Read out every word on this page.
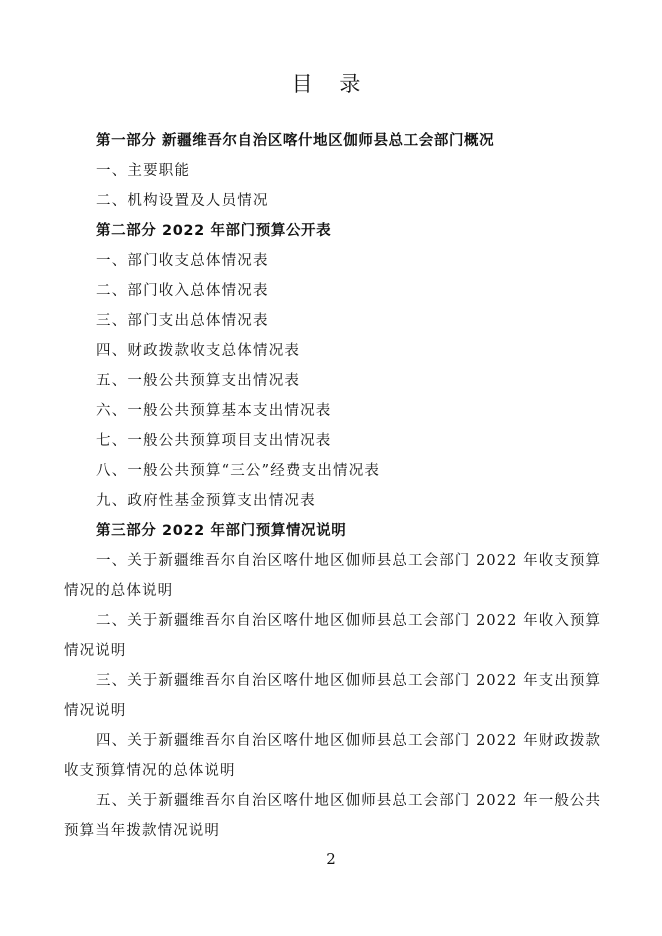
目 录
第一部分 新疆维吾尔自治区喀什地区伽师县总工会部门概况
一、主要职能
二、机构设置及人员情况
第二部分 2022 年部门预算公开表
一、部门收支总体情况表
二、部门收入总体情况表
三、部门支出总体情况表
四、财政拨款收支总体情况表
五、一般公共预算支出情况表
六、一般公共预算基本支出情况表
七、一般公共预算项目支出情况表
八、一般公共预算“三公”经费支出情况表
九、政府性基金预算支出情况表
第三部分 2022 年部门预算情况说明
一、关于新疆维吾尔自治区喀什地区伽师县总工会部门 2022 年收支预算情况的总体说明
二、关于新疆维吾尔自治区喀什地区伽师县总工会部门 2022 年收入预算情况说明
三、关于新疆维吾尔自治区喀什地区伽师县总工会部门 2022 年支出预算情况说明
四、关于新疆维吾尔自治区喀什地区伽师县总工会部门 2022 年财政拨款收支预算情况的总体说明
五、关于新疆维吾尔自治区喀什地区伽师县总工会部门 2022 年一般公共预算当年拨款情况说明
2
